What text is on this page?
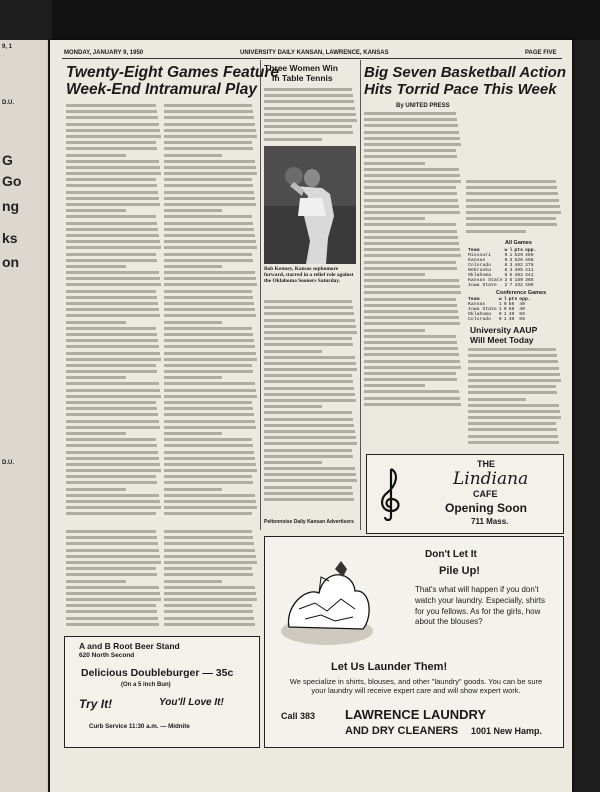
9, 1
D.U.
G
Go
ng
ks
on
D.U.
MONDAY, JANUARY 9, 1950	UNIVERSITY DAILY KANSAN, LAWRENCE, KANSAS	PAGE FIVE
Twenty-Eight Games Feature
Week-End Intramural Play
Three Women Win
In Table Tennis
Bob Kenney, Kansas sophomore forward, starred in a relief role against the Oklahoma Sooners Saturday.
Peltonnoise Daily Kansan Advertisers
Big Seven Basketball Action
Hits Torrid Pace This Week
By UNITED PRESS
All Games
Team	w	l	pts	opp.
Missouri	9	1	529	460
Kansas	9	3	526	458
Colorado	8	3	462	378
Nebraska	6	3	495	411
Oklahoma	6	5	482	441
Kansas State	3	6	189	365
Iowa State	2	7	432	406
Conference Games
Team	w	l	pts	opp.
Kansas	1	0	56	40
Iowa State	1	0	58	40
Oklahoma	0	1	40	56
Colorado	0	1	40	58
University AAUP
Will Meet Today
THE
Lindiana
CAFE
Opening Soon
711 Mass.
A and B Root Beer Stand
620 North Second
Delicious Doubleburger — 35c
(On a 5 inch Bun)
Try It!	You'll Love It!
Curb Service 11:30 a.m. — Midnite
Don't Let It
Pile Up!
That's what will happen if you don't watch your laundry. Especially, shirts for you fellows. As for the girls, how about the blouses?
Let Us Launder Them!
We specialize in shirts, blouses, and other "laundry" goods. You can be sure your laundry will receive expert care and will show expert work.
Call 383 LAWRENCE LAUNDRY
AND DRY CLEANERS 1001 New Hamp.
